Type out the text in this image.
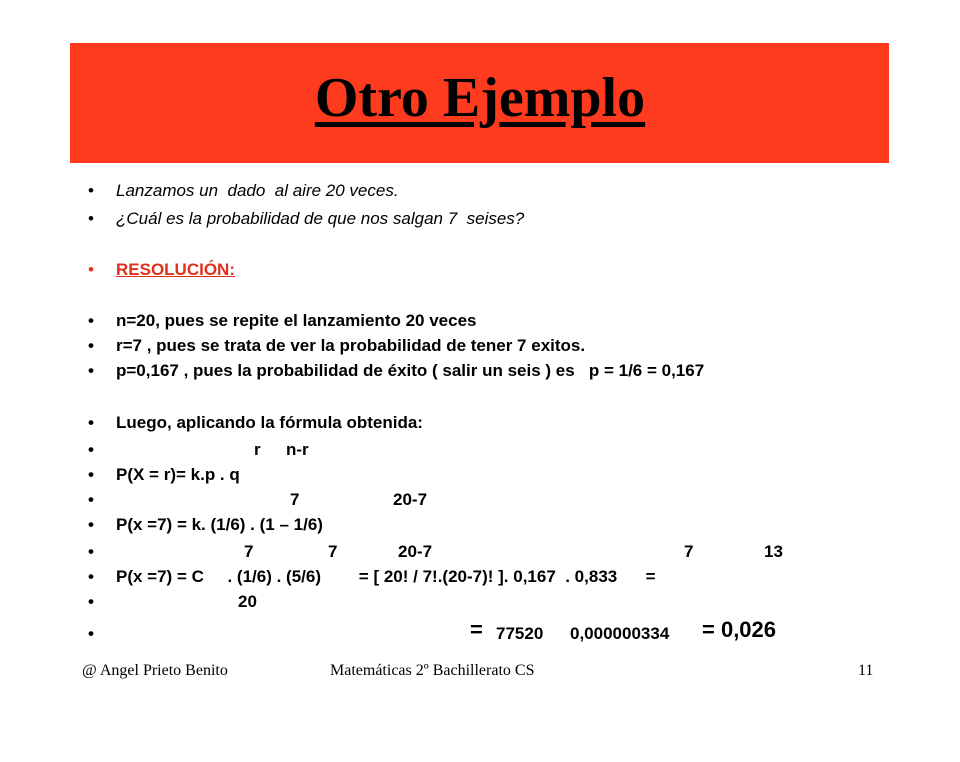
Otro Ejemplo

•

	Lanzamos un  dado  al aire 20 veces.

•

	¿Cuál es la probabilidad de que nos salgan 7  seises?

•

	RESOLUCIÓN:

•

	n=20, pues se repite el lanzamiento 20 veces

•

	r=7 , pues se trata de ver la probabilidad de tener 7 exitos.

•

	p=0,167 , pues la probabilidad de éxito ( salir un seis ) es   p = 1/6 = 0,167

•

	Luego, aplicando la fórmula obtenida:

•

	r

n-r

•

	P(X = r)= k.p . q

•

	7

	20-7

•

	P(x =7) = k. (1/6) . (1 – 1/6)

•

	7

	7

	20-7

	7

	13

•

	P(x =7) = C     . (1/6) . (5/6)        = [ 20! / 7!.(20-7)! ]. 0,167  . 0,833      =

•

	20

•

	=

77520

0,000000334

= 0,026

@ Angel Prieto Benito	Matemáticas 2º Bachillerato CS	11
